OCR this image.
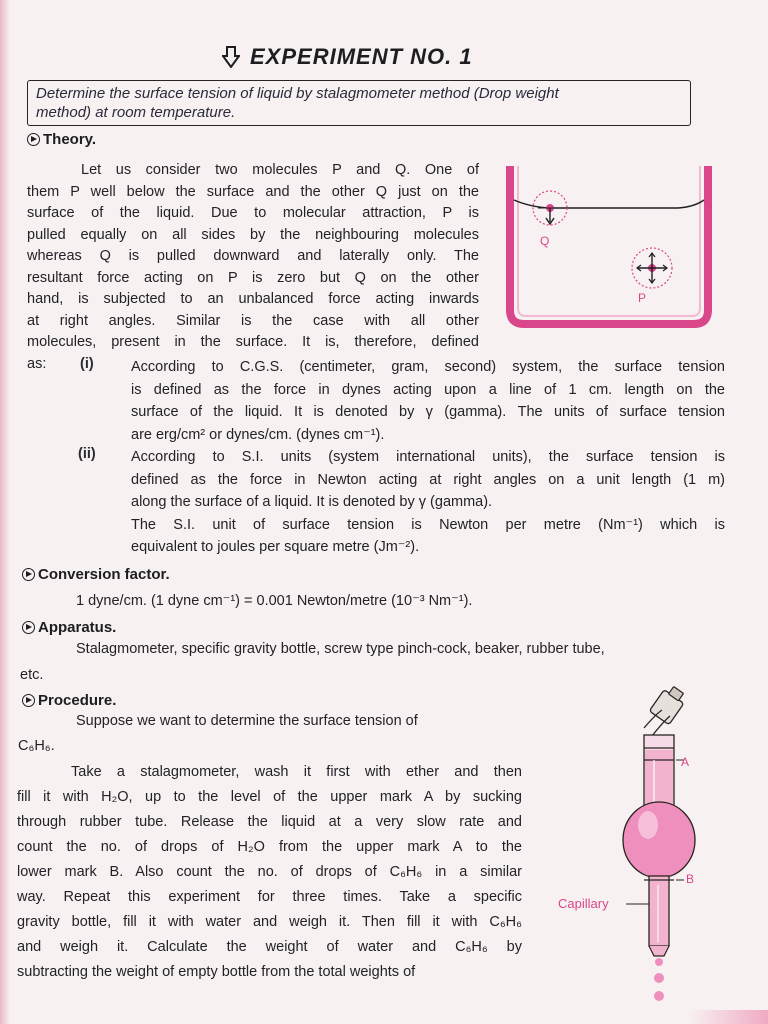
EXPERIMENT NO. 1
Determine the surface tension of liquid by stalagmometer method (Drop weight
method) at room temperature.
Theory.
Let us consider two molecules P and Q. One of
them P well below the surface and the other Q just on the
surface of the liquid. Due to molecular attraction, P is
pulled equally on all sides by the neighbouring molecules
whereas Q is pulled downward and laterally only. The
resultant force acting on P is zero but Q on the other
hand, is subjected to an unbalanced force acting inwards
at right angles. Similar is the case with all other
molecules, present in the surface. It is, therefore, defined
as:
Q
P
(i)	According to C.G.S. (centimeter, gram, second) system, the surface tension
is defined as the force in dynes acting upon a line of 1 cm. length on the
surface of the liquid. It is denoted by γ (gamma). The units of surface tension
are erg/cm² or dynes/cm. (dynes cm⁻¹).
(ii) According to S.I. units (system international units), the surface tension is
defined as the force in Newton acting at right angles on a unit length (1 m)
along the surface of a liquid. It is denoted by γ (gamma).
The S.I. unit of surface tension is Newton per metre (Nm⁻¹) which is
equivalent to joules per square metre (Jm⁻²).
Conversion factor.
1 dyne/cm. (1 dyne cm⁻¹) = 0.001 Newton/metre (10⁻³ Nm⁻¹).
Apparatus.
Stalagmometer, specific gravity bottle, screw type pinch-cock, beaker, rubber tube,
etc.
Procedure.
Suppose we want to determine the surface tension of
C₆H₆.
Take a stalagmometer, wash it first with ether and then
fill it with H₂O, up to the level of the upper mark A by sucking
through rubber tube. Release the liquid at a very slow rate and
count the no. of drops of H₂O from the upper mark A to the
lower mark B. Also count the no. of drops of C₆H₆ in a similar
way. Repeat this experiment for three times. Take a specific
gravity bottle, fill it with water and weigh it. Then fill it with C₆H₆
and weigh it. Calculate the weight of water and C₆H₆ by
subtracting the weight of empty bottle from the total weights of
A
B
Capillary
